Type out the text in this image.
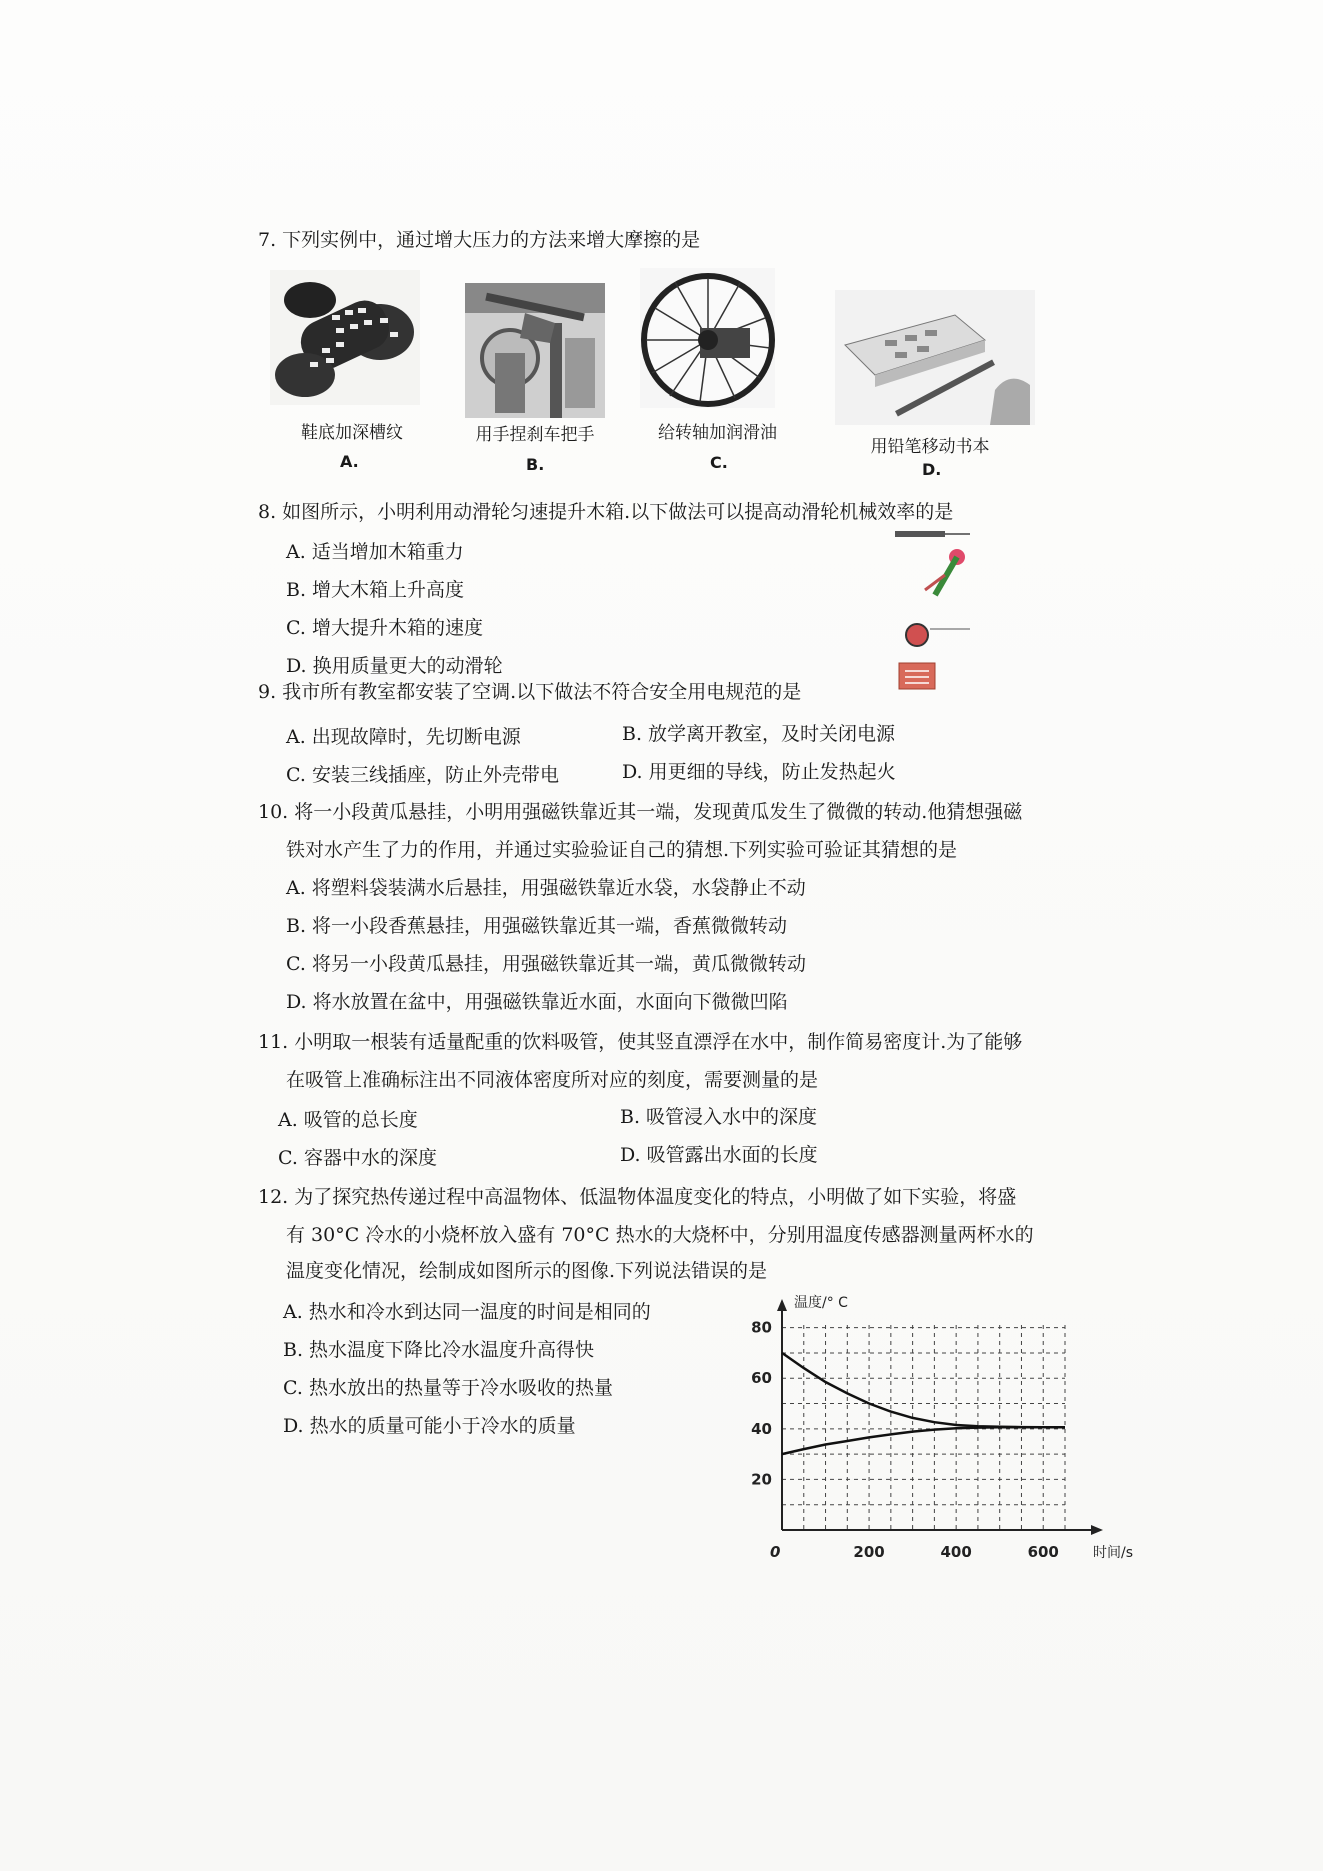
7. 下列实例中，通过增大压力的方法来增大摩擦的是
鞋底加深槽纹
A.
用手捏刹车把手
B.
给转轴加润滑油
C.
用铅笔移动书本
D.
8. 如图所示，小明利用动滑轮匀速提升木箱.以下做法可以提高动滑轮机械效率的是
A. 适当增加木箱重力
B. 增大木箱上升高度
C. 增大提升木箱的速度
D. 换用质量更大的动滑轮
9. 我市所有教室都安装了空调.以下做法不符合安全用电规范的是
A. 出现故障时，先切断电源	B. 放学离开教室，及时关闭电源
C. 安装三线插座，防止外壳带电	D. 用更细的导线，防止发热起火
10. 将一小段黄瓜悬挂，小明用强磁铁靠近其一端，发现黄瓜发生了微微的转动.他猜想强磁
铁对水产生了力的作用，并通过实验验证自己的猜想.下列实验可验证其猜想的是
A. 将塑料袋装满水后悬挂，用强磁铁靠近水袋，水袋静止不动
B. 将一小段香蕉悬挂，用强磁铁靠近其一端，香蕉微微转动
C. 将另一小段黄瓜悬挂，用强磁铁靠近其一端，黄瓜微微转动
D. 将水放置在盆中，用强磁铁靠近水面，水面向下微微凹陷
11. 小明取一根装有适量配重的饮料吸管，使其竖直漂浮在水中，制作简易密度计.为了能够
在吸管上准确标注出不同液体密度所对应的刻度，需要测量的是
A. 吸管的总长度	B. 吸管浸入水中的深度
C. 容器中水的深度	D. 吸管露出水面的长度
12. 为了探究热传递过程中高温物体、低温物体温度变化的特点，小明做了如下实验，将盛
有 30°C 冷水的小烧杯放入盛有 70°C 热水的大烧杯中，分别用温度传感器测量两杯水的
温度变化情况，绘制成如图所示的图像.下列说法错误的是
A. 热水和冷水到达同一温度的时间是相同的
B. 热水温度下降比冷水温度升高得快
C. 热水放出的热量等于冷水吸收的热量
D. 热水的质量可能小于冷水的质量
80
60
40
20
200	400	600
温度/° C
时间/s
0
